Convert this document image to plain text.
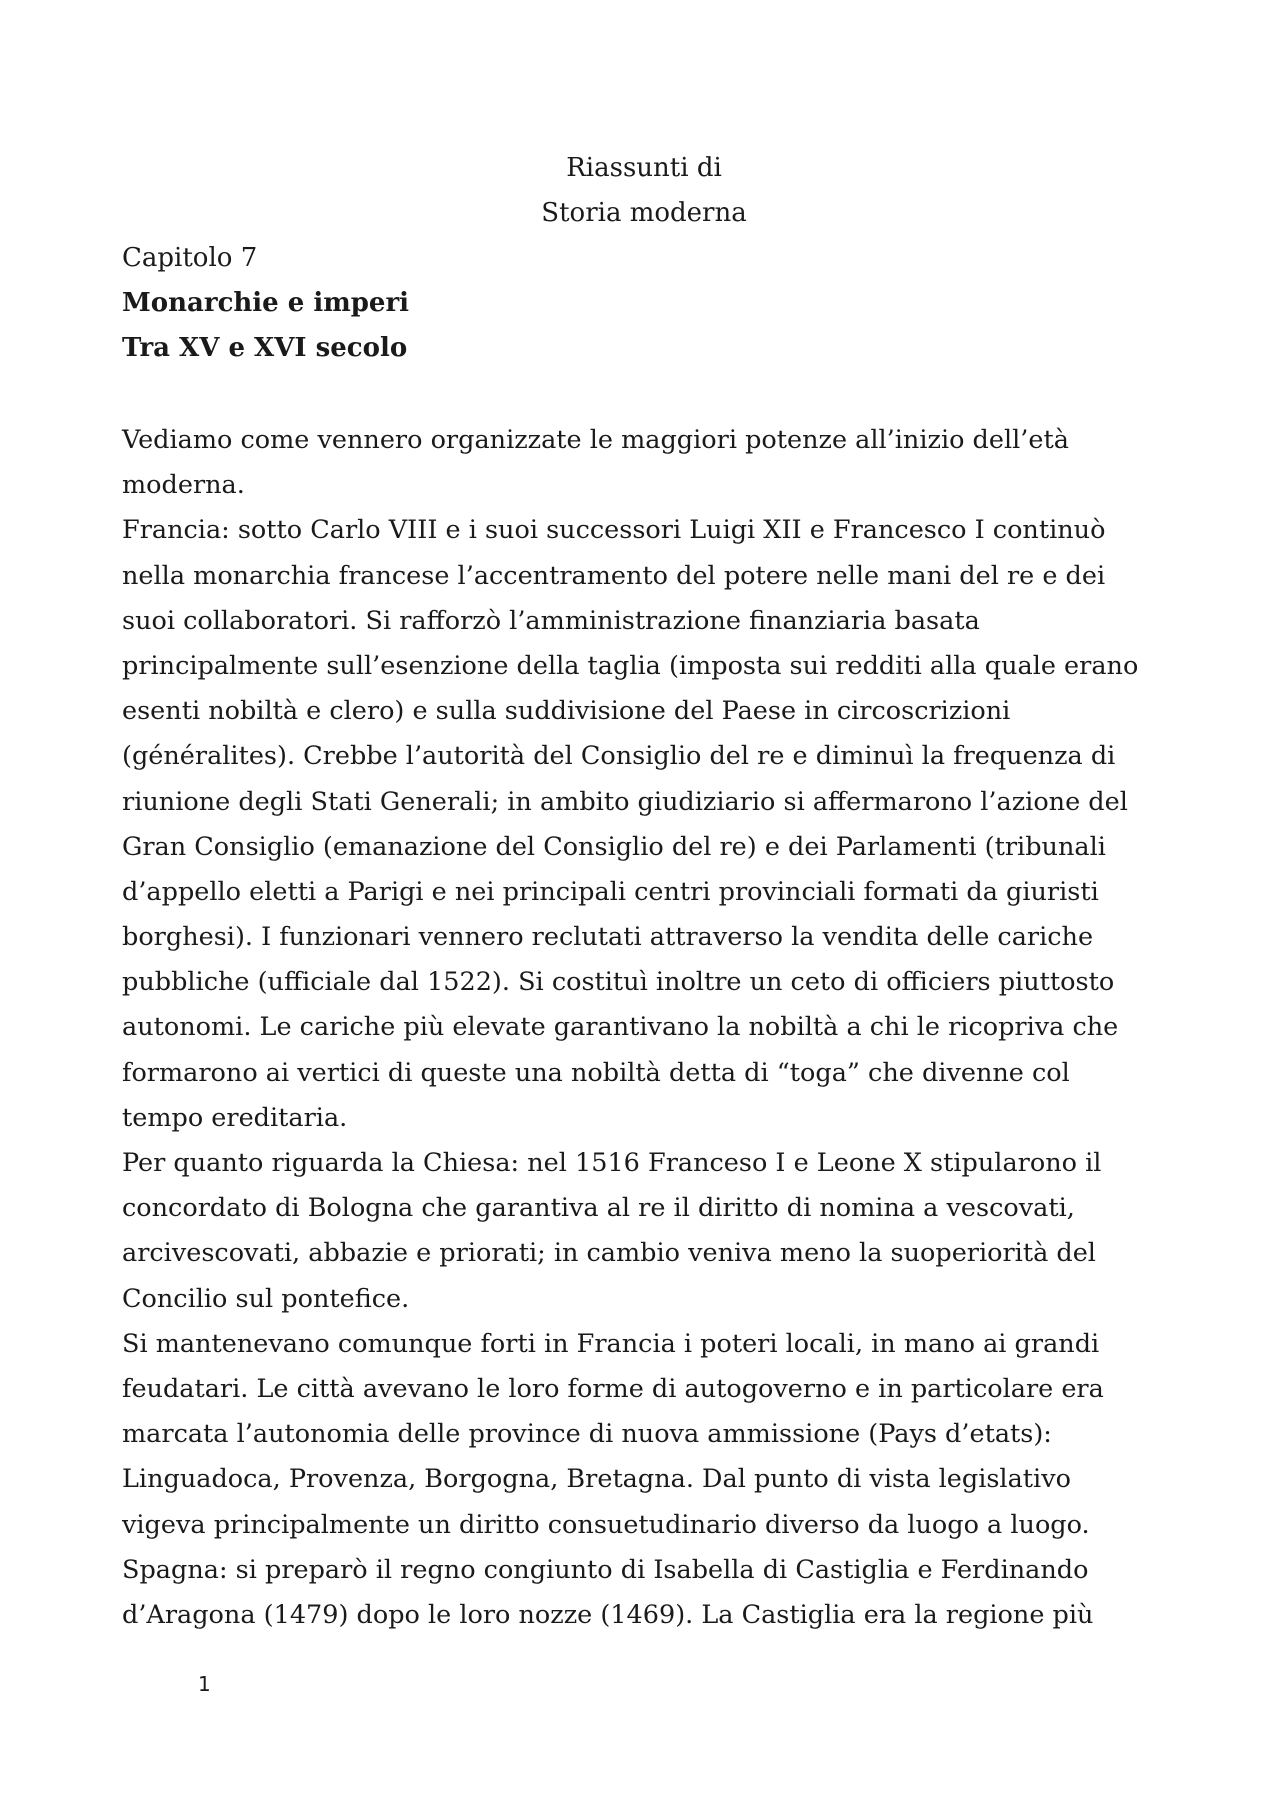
Riassunti di
Storia moderna
Capitolo 7
Monarchie e imperi
Tra XV e XVI secolo
Vediamo come vennero organizzate le maggiori potenze all’inizio dell’età
moderna.
Francia: sotto Carlo VIII e i suoi successori Luigi XII e Francesco I continuò
nella monarchia francese l’accentramento del potere nelle mani del re e dei
suoi collaboratori. Si rafforzò l’amministrazione finanziaria basata
principalmente sull’esenzione della taglia (imposta sui redditi alla quale erano
esenti nobiltà e clero) e sulla suddivisione del Paese in circoscrizioni
(généralites). Crebbe l’autorità del Consiglio del re e diminuì la frequenza di
riunione degli Stati Generali; in ambito giudiziario si affermarono l’azione del
Gran Consiglio (emanazione del Consiglio del re) e dei Parlamenti (tribunali
d’appello eletti a Parigi e nei principali centri provinciali formati da giuristi
borghesi). I funzionari vennero reclutati attraverso la vendita delle cariche
pubbliche (ufficiale dal 1522). Si costituì inoltre un ceto di officiers piuttosto
autonomi. Le cariche più elevate garantivano la nobiltà a chi le ricopriva che
formarono ai vertici di queste una nobiltà detta di “toga” che divenne col
tempo ereditaria.
Per quanto riguarda la Chiesa: nel 1516 Franceso I e Leone X stipularono il
concordato di Bologna che garantiva al re il diritto di nomina a vescovati,
arcivescovati, abbazie e priorati; in cambio veniva meno la suoperiorità del
Concilio sul pontefice.
Si mantenevano comunque forti in Francia i poteri locali, in mano ai grandi
feudatari. Le città avevano le loro forme di autogoverno e in particolare era
marcata l’autonomia delle province di nuova ammissione (Pays d’etats):
Linguadoca, Provenza, Borgogna, Bretagna. Dal punto di vista legislativo
vigeva principalmente un diritto consuetudinario diverso da luogo a luogo.
Spagna: si preparò il regno congiunto di Isabella di Castiglia e Ferdinando
d’Aragona (1479) dopo le loro nozze (1469). La Castiglia era la regione più
1
